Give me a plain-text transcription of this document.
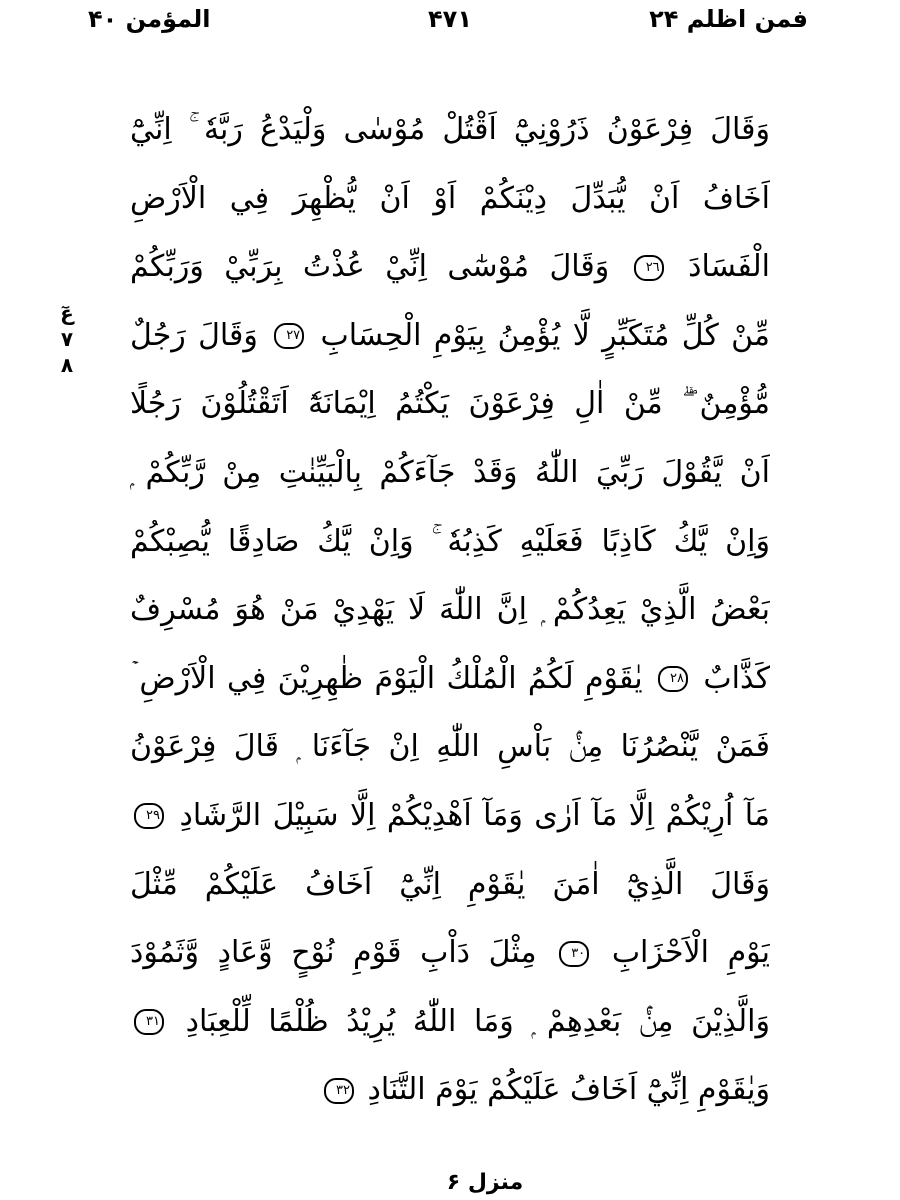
فمن اظلم ۲۴
۴۷۱
المؤمن ۴۰
عٓ ۷ ۸
وَقَالَ فِرْعَوْنُ ذَرُوْنِيْٓ اَقْتُلْ مُوْسٰى وَلْيَدْعُ رَبَّهٗ ۚ اِنِّيْٓ
اَخَافُ اَنْ يُّبَدِّلَ دِيْنَكُمْ اَوْ اَنْ يُّظْهِرَ فِي الْاَرْضِ
الْفَسَادَ ٢٦ وَقَالَ مُوْسٰٓى اِنِّيْ عُذْتُ بِرَبِّيْ وَرَبِّكُمْ
مِّنْ كُلِّ مُتَكَبِّرٍ لَّا يُؤْمِنُ بِيَوْمِ الْحِسَابِ ٢٧ وَقَالَ رَجُلٌ
مُّؤْمِنٌ ۖۗ مِّنْ اٰلِ فِرْعَوْنَ يَكْتُمُ اِيْمَانَهٗٓ اَتَقْتُلُوْنَ رَجُلًا
اَنْ يَّقُوْلَ رَبِّيَ اللّٰهُ وَقَدْ جَآءَكُمْ بِالْبَيِّنٰتِ مِنْ رَّبِّكُمْ ۭ
وَاِنْ يَّكُ كَاذِبًا فَعَلَيْهِ كَذِبُهٗ ۚ وَاِنْ يَّكُ صَادِقًا يُّصِبْكُمْ
بَعْضُ الَّذِيْ يَعِدُكُمْ ۭ اِنَّ اللّٰهَ لَا يَهْدِيْ مَنْ هُوَ مُسْرِفٌ
كَذَّابٌ ٢٨ يٰقَوْمِ لَكُمُ الْمُلْكُ الْيَوْمَ ظٰهِرِيْنَ فِي الْاَرْضِ ۡ
فَمَنْ يَّنْصُرُنَا مِنْۢ بَاْسِ اللّٰهِ اِنْ جَآءَنَا ۭ قَالَ فِرْعَوْنُ
مَآ اُرِيْكُمْ اِلَّا مَآ اَرٰى وَمَآ اَهْدِيْكُمْ اِلَّا سَبِيْلَ الرَّشَادِ ٢٩
وَقَالَ الَّذِيْٓ اٰمَنَ يٰقَوْمِ اِنِّيْٓ اَخَافُ عَلَيْكُمْ مِّثْلَ
يَوْمِ الْاَحْزَابِ ٣٠ مِثْلَ دَاْبِ قَوْمِ نُوْحٍ وَّعَادٍ وَّثَمُوْدَ
وَالَّذِيْنَ مِنْۢ بَعْدِهِمْ ۭ وَمَا اللّٰهُ يُرِيْدُ ظُلْمًا لِّلْعِبَادِ ٣١
وَيٰقَوْمِ اِنِّيْٓ اَخَافُ عَلَيْكُمْ يَوْمَ التَّنَادِ ٣٢
منزل ۶
